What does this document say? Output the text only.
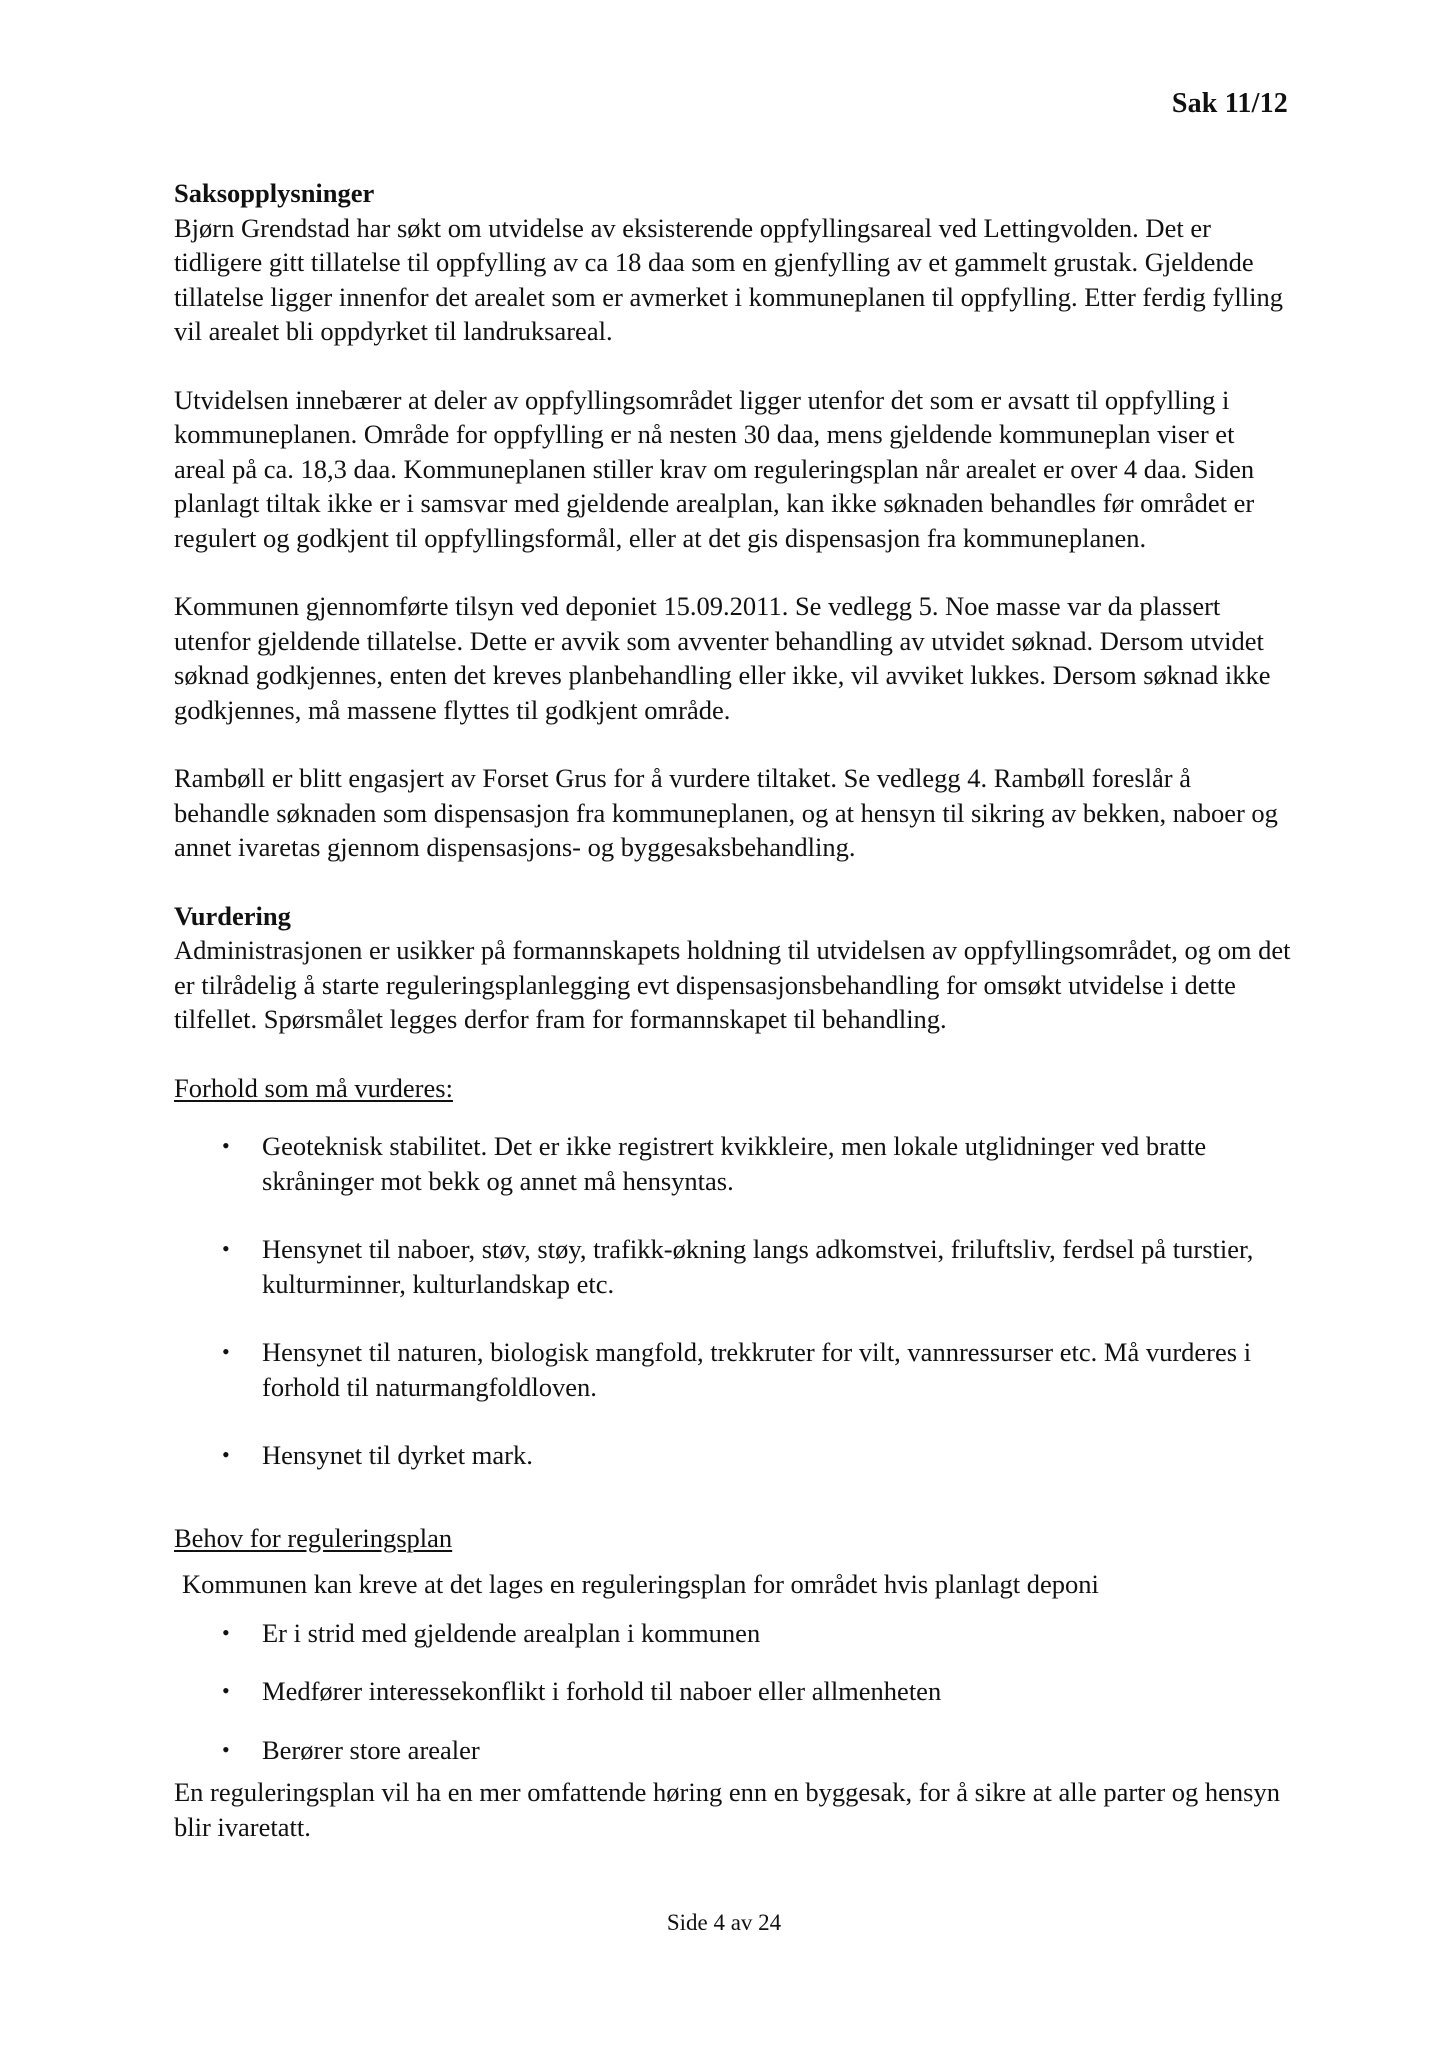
Sak 11/12

Saksopplysninger

Bjørn Grendstad har søkt om utvidelse av eksisterende oppfyllingsareal ved Lettingvolden. Det er tidligere gitt tillatelse til oppfylling av ca 18 daa som en gjenfylling av et gammelt grustak. Gjeldende tillatelse ligger innenfor det arealet som er avmerket i kommuneplanen til oppfylling. Etter ferdig fylling vil arealet bli oppdyrket til landruksareal.

Utvidelsen innebærer at deler av oppfyllingsområdet ligger utenfor det som er avsatt til oppfylling i kommuneplanen. Område for oppfylling er nå nesten 30 daa, mens gjeldende kommuneplan viser et areal på ca. 18,3 daa. Kommuneplanen stiller krav om reguleringsplan når arealet er over 4 daa. Siden planlagt tiltak ikke er i samsvar med gjeldende arealplan, kan ikke søknaden behandles før området er regulert og godkjent til oppfyllingsformål, eller at det gis dispensasjon fra kommuneplanen.

Kommunen gjennomførte tilsyn ved deponiet 15.09.2011. Se vedlegg 5. Noe masse var da plassert utenfor gjeldende tillatelse. Dette er avvik som avventer behandling av utvidet søknad. Dersom utvidet søknad godkjennes, enten det kreves planbehandling eller ikke, vil avviket lukkes. Dersom søknad ikke godkjennes, må massene flyttes til godkjent område.

Rambøll er blitt engasjert av Forset Grus for å vurdere tiltaket. Se vedlegg 4. Rambøll foreslår å behandle søknaden som dispensasjon fra kommuneplanen, og at hensyn til sikring av bekken, naboer og annet ivaretas gjennom dispensasjons- og byggesaksbehandling.

Vurdering

Administrasjonen er usikker på formannskapets holdning til utvidelsen av oppfyllingsområdet, og om det er tilrådelig å starte reguleringsplanlegging evt dispensasjonsbehandling for omsøkt utvidelse i dette tilfellet. Spørsmålet legges derfor fram for formannskapet til behandling.

Forhold som må vurderes:

• Geoteknisk stabilitet. Det er ikke registrert kvikkleire, men lokale utglidninger ved bratte skråninger mot bekk og annet må hensyntas.
• Hensynet til naboer, støv, støy, trafikk-økning langs adkomstvei, friluftsliv, ferdsel på turstier, kulturminner, kulturlandskap etc.
• Hensynet til naturen, biologisk mangfold, trekkruter for vilt, vannressurser etc. Må vurderes i forhold til naturmangfoldloven.
• Hensynet til dyrket mark.

Behov for reguleringsplan

Kommunen kan kreve at det lages en reguleringsplan for området hvis planlagt deponi

• Er i strid med gjeldende arealplan i kommunen
• Medfører interessekonflikt i forhold til naboer eller allmenheten
• Berører store arealer

En reguleringsplan vil ha en mer omfattende høring enn en byggesak, for å sikre at alle parter og hensyn blir ivaretatt.

Side 4 av 24
